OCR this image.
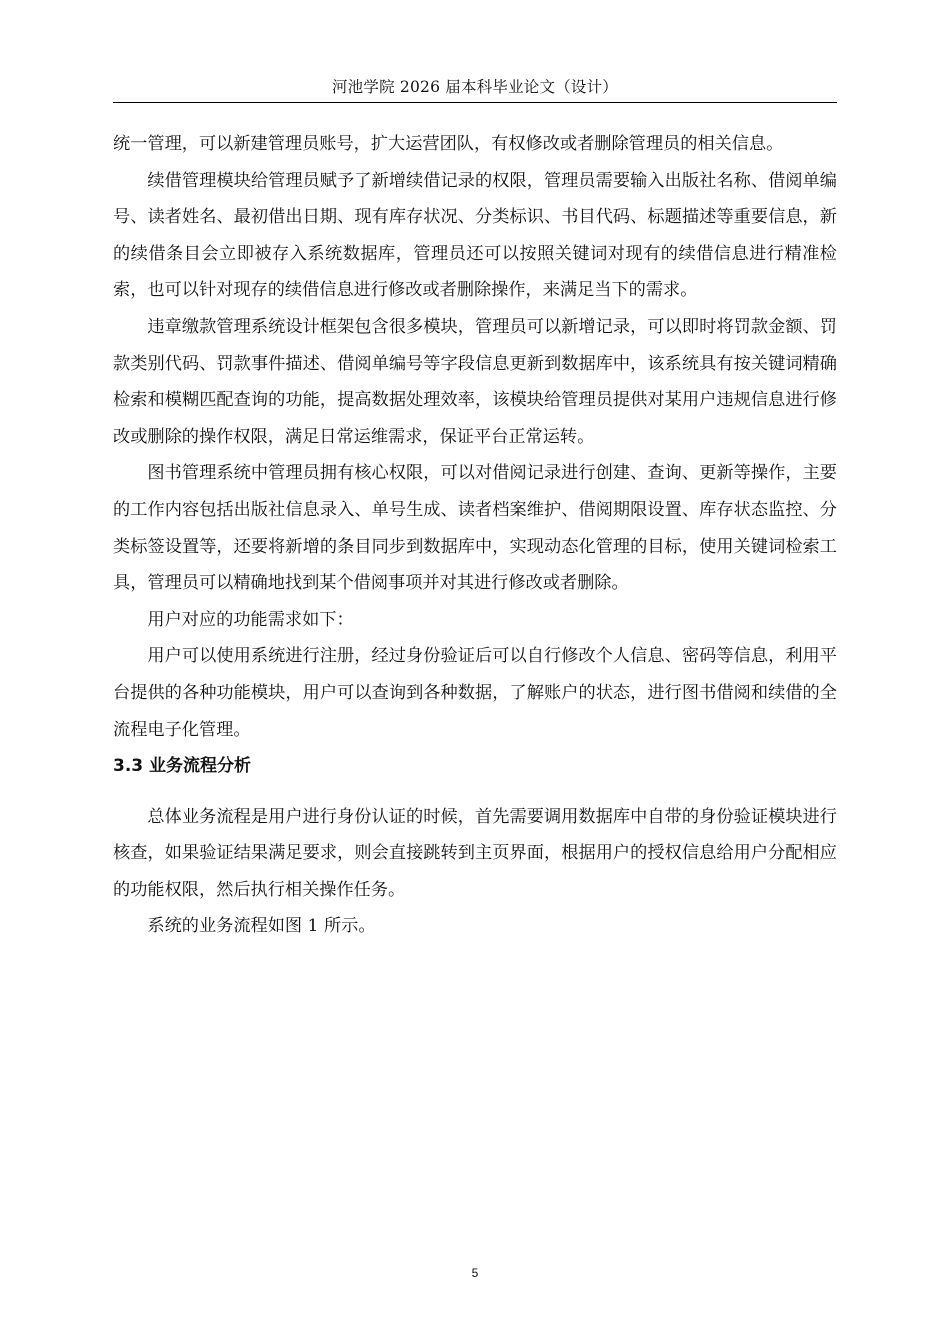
河池学院 2026 届本科毕业论文（设计）

统一管理，可以新建管理员账号，扩大运营团队，有权修改或者删除管理员的相关信息。

续借管理模块给管理员赋予了新增续借记录的权限，管理员需要输入出版社名称、借阅单编号、读者姓名、最初借出日期、现有库存状况、分类标识、书目代码、标题描述等重要信息，新的续借条目会立即被存入系统数据库，管理员还可以按照关键词对现有的续借信息进行精准检索，也可以针对现存的续借信息进行修改或者删除操作，来满足当下的需求。

违章缴款管理系统设计框架包含很多模块，管理员可以新增记录，可以即时将罚款金额、罚款类别代码、罚款事件描述、借阅单编号等字段信息更新到数据库中，该系统具有按关键词精确检索和模糊匹配查询的功能，提高数据处理效率，该模块给管理员提供对某用户违规信息进行修改或删除的操作权限，满足日常运维需求，保证平台正常运转。

图书管理系统中管理员拥有核心权限，可以对借阅记录进行创建、查询、更新等操作，主要的工作内容包括出版社信息录入、单号生成、读者档案维护、借阅期限设置、库存状态监控、分类标签设置等，还要将新增的条目同步到数据库中，实现动态化管理的目标，使用关键词检索工具，管理员可以精确地找到某个借阅事项并对其进行修改或者删除。

用户对应的功能需求如下：

用户可以使用系统进行注册，经过身份验证后可以自行修改个人信息、密码等信息，利用平台提供的各种功能模块，用户可以查询到各种数据，了解账户的状态，进行图书借阅和续借的全流程电子化管理。

3.3 业务流程分析

总体业务流程是用户进行身份认证的时候，首先需要调用数据库中自带的身份验证模块进行核查，如果验证结果满足要求，则会直接跳转到主页界面，根据用户的授权信息给用户分配相应的功能权限，然后执行相关操作任务。

系统的业务流程如图 1 所示。

5
